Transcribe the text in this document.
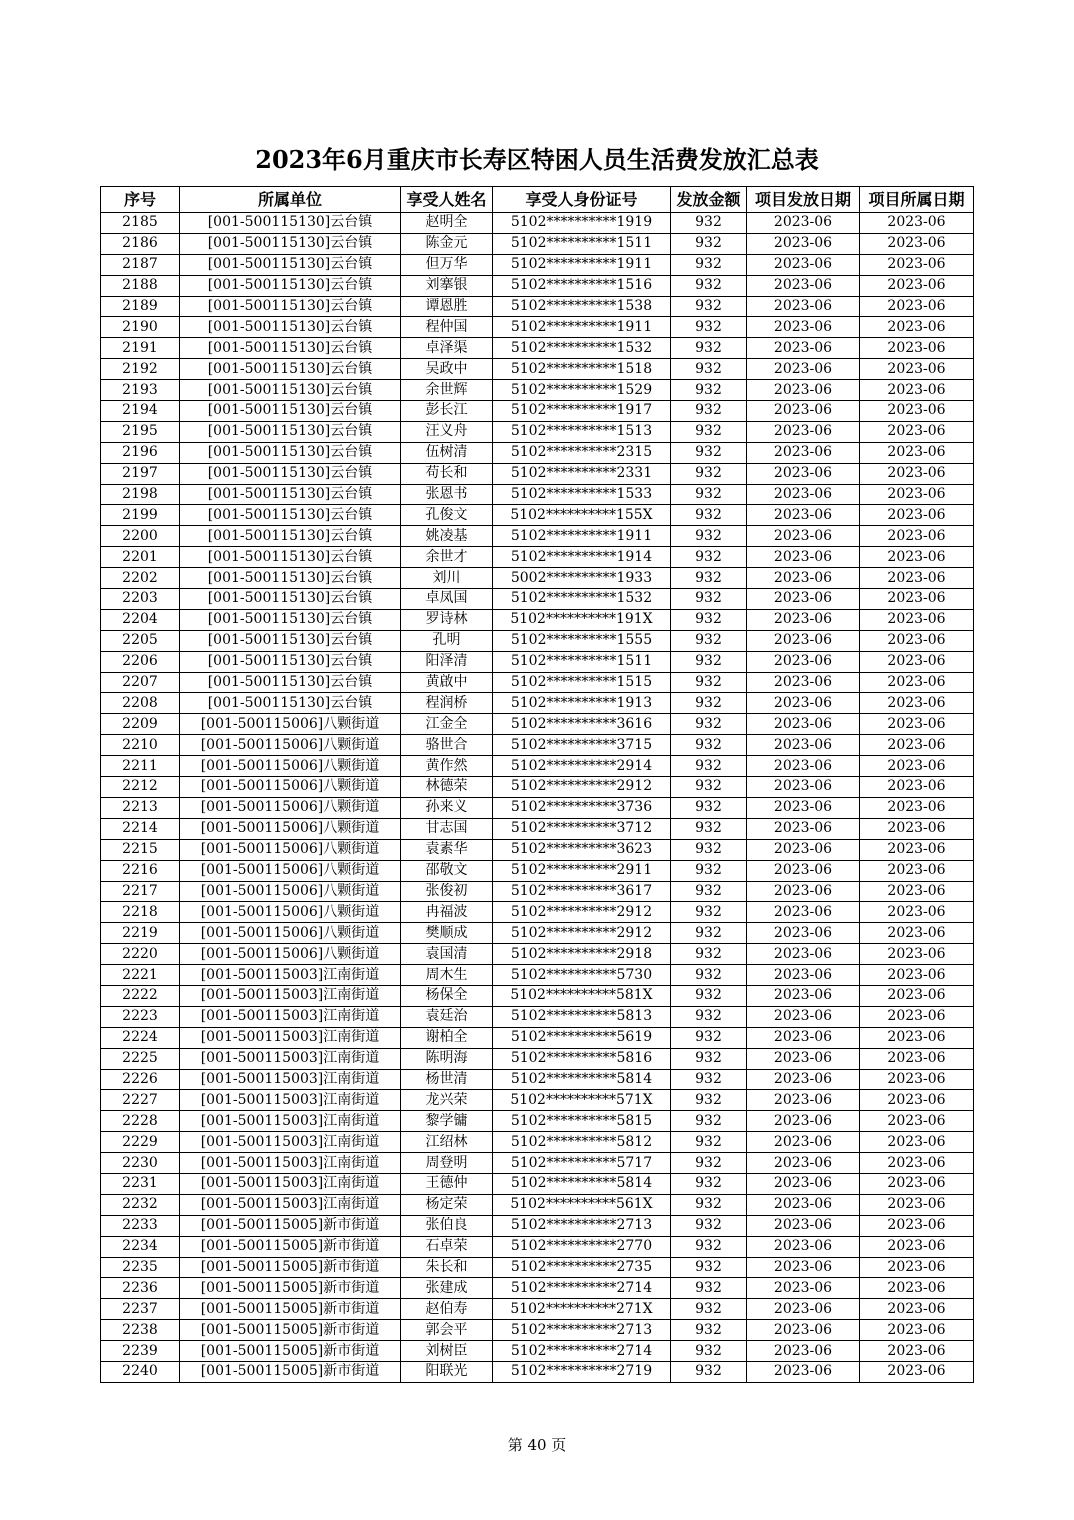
2023年6月重庆市长寿区特困人员生活费发放汇总表
序号	所属单位	享受人姓名	享受人身份证号	发放金额	项目发放日期	项目所属日期
2185	[001-500115130]云台镇	赵明全	5102**********1919	932	2023-06	2023-06
2186	[001-500115130]云台镇	陈金元	5102**********1511	932	2023-06	2023-06
2187	[001-500115130]云台镇	但万华	5102**********1911	932	2023-06	2023-06
2188	[001-500115130]云台镇	刘搴银	5102**********1516	932	2023-06	2023-06
2189	[001-500115130]云台镇	谭恩胜	5102**********1538	932	2023-06	2023-06
2190	[001-500115130]云台镇	程仲国	5102**********1911	932	2023-06	2023-06
2191	[001-500115130]云台镇	卓泽渠	5102**********1532	932	2023-06	2023-06
2192	[001-500115130]云台镇	吴政中	5102**********1518	932	2023-06	2023-06
2193	[001-500115130]云台镇	余世辉	5102**********1529	932	2023-06	2023-06
2194	[001-500115130]云台镇	彭长江	5102**********1917	932	2023-06	2023-06
2195	[001-500115130]云台镇	汪义舟	5102**********1513	932	2023-06	2023-06
2196	[001-500115130]云台镇	伍树清	5102**********2315	932	2023-06	2023-06
2197	[001-500115130]云台镇	苟长和	5102**********2331	932	2023-06	2023-06
2198	[001-500115130]云台镇	张恩书	5102**********1533	932	2023-06	2023-06
2199	[001-500115130]云台镇	孔俊文	5102**********155X	932	2023-06	2023-06
2200	[001-500115130]云台镇	姚凌基	5102**********1911	932	2023-06	2023-06
2201	[001-500115130]云台镇	余世才	5102**********1914	932	2023-06	2023-06
2202	[001-500115130]云台镇	刘川	5002**********1933	932	2023-06	2023-06
2203	[001-500115130]云台镇	卓凤国	5102**********1532	932	2023-06	2023-06
2204	[001-500115130]云台镇	罗诗林	5102**********191X	932	2023-06	2023-06
2205	[001-500115130]云台镇	孔明	5102**********1555	932	2023-06	2023-06
2206	[001-500115130]云台镇	阳泽清	5102**********1511	932	2023-06	2023-06
2207	[001-500115130]云台镇	黄啟中	5102**********1515	932	2023-06	2023-06
2208	[001-500115130]云台镇	程润桥	5102**********1913	932	2023-06	2023-06
2209	[001-500115006]八颗街道	江金全	5102**********3616	932	2023-06	2023-06
2210	[001-500115006]八颗街道	骆世合	5102**********3715	932	2023-06	2023-06
2211	[001-500115006]八颗街道	黄作然	5102**********2914	932	2023-06	2023-06
2212	[001-500115006]八颗街道	林德荣	5102**********2912	932	2023-06	2023-06
2213	[001-500115006]八颗街道	孙来义	5102**********3736	932	2023-06	2023-06
2214	[001-500115006]八颗街道	甘志国	5102**********3712	932	2023-06	2023-06
2215	[001-500115006]八颗街道	袁素华	5102**********3623	932	2023-06	2023-06
2216	[001-500115006]八颗街道	邵敬文	5102**********2911	932	2023-06	2023-06
2217	[001-500115006]八颗街道	张俊初	5102**********3617	932	2023-06	2023-06
2218	[001-500115006]八颗街道	冉福波	5102**********2912	932	2023-06	2023-06
2219	[001-500115006]八颗街道	樊顺成	5102**********2912	932	2023-06	2023-06
2220	[001-500115006]八颗街道	袁国清	5102**********2918	932	2023-06	2023-06
2221	[001-500115003]江南街道	周木生	5102**********5730	932	2023-06	2023-06
2222	[001-500115003]江南街道	杨保全	5102**********581X	932	2023-06	2023-06
2223	[001-500115003]江南街道	袁廷治	5102**********5813	932	2023-06	2023-06
2224	[001-500115003]江南街道	谢柏全	5102**********5619	932	2023-06	2023-06
2225	[001-500115003]江南街道	陈明海	5102**********5816	932	2023-06	2023-06
2226	[001-500115003]江南街道	杨世清	5102**********5814	932	2023-06	2023-06
2227	[001-500115003]江南街道	龙兴荣	5102**********571X	932	2023-06	2023-06
2228	[001-500115003]江南街道	黎学镛	5102**********5815	932	2023-06	2023-06
2229	[001-500115003]江南街道	江绍林	5102**********5812	932	2023-06	2023-06
2230	[001-500115003]江南街道	周登明	5102**********5717	932	2023-06	2023-06
2231	[001-500115003]江南街道	王德仲	5102**********5814	932	2023-06	2023-06
2232	[001-500115003]江南街道	杨定荣	5102**********561X	932	2023-06	2023-06
2233	[001-500115005]新市街道	张伯良	5102**********2713	932	2023-06	2023-06
2234	[001-500115005]新市街道	石卓荣	5102**********2770	932	2023-06	2023-06
2235	[001-500115005]新市街道	朱长和	5102**********2735	932	2023-06	2023-06
2236	[001-500115005]新市街道	张建成	5102**********2714	932	2023-06	2023-06
2237	[001-500115005]新市街道	赵伯寿	5102**********271X	932	2023-06	2023-06
2238	[001-500115005]新市街道	郭会平	5102**********2713	932	2023-06	2023-06
2239	[001-500115005]新市街道	刘树臣	5102**********2714	932	2023-06	2023-06
2240	[001-500115005]新市街道	阳联光	5102**********2719	932	2023-06	2023-06
第 40 页
